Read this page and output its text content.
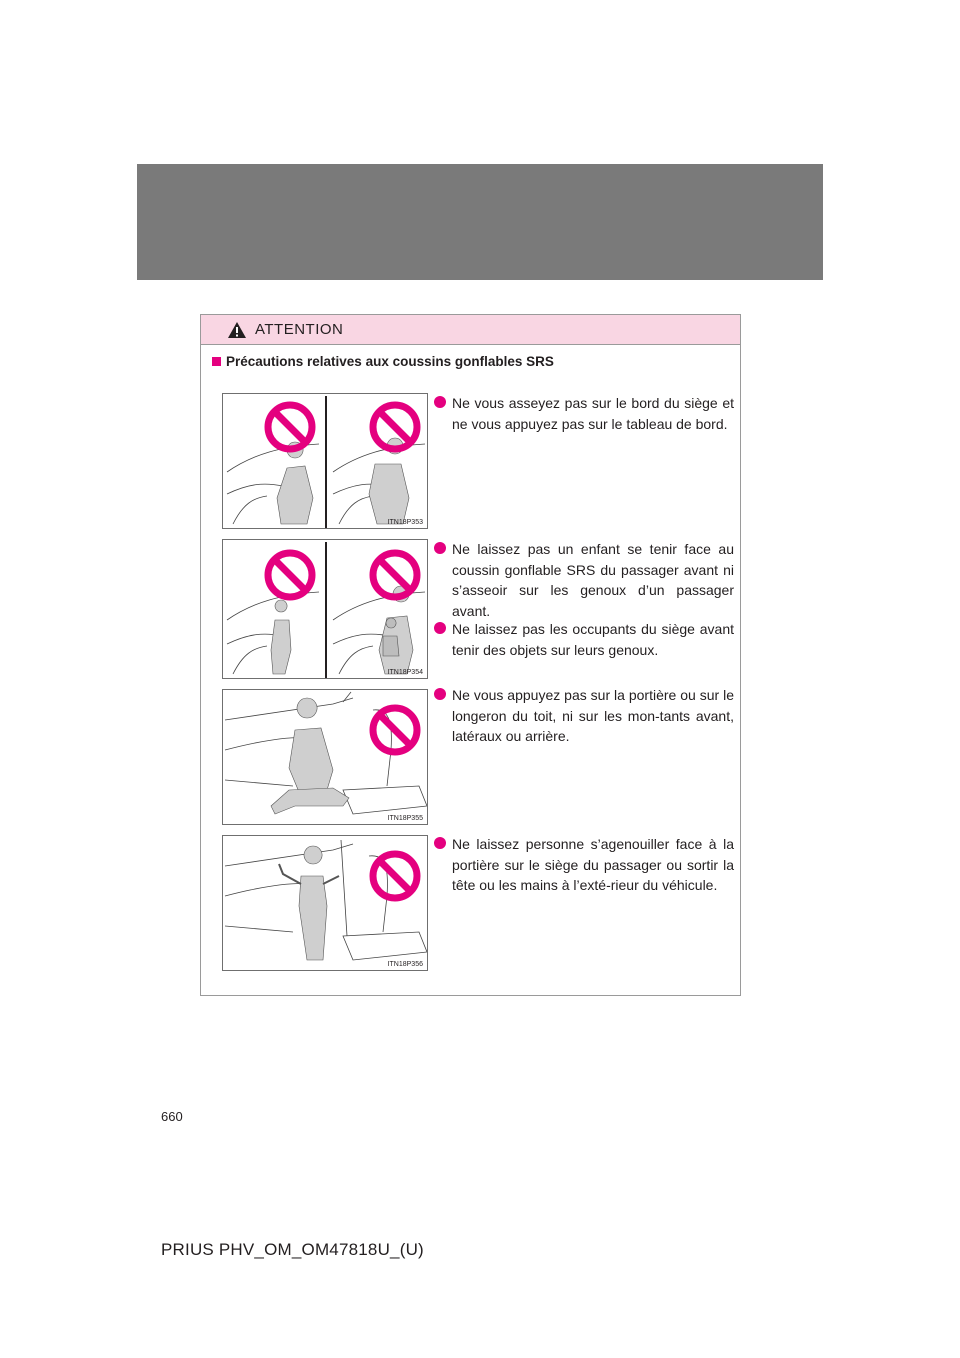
ATTENTION
Précautions relatives aux coussins gonflables SRS
ITN18P353
ITN18P354
ITN18P355
ITN18P356
Ne vous asseyez pas sur le bord du siège et ne vous appuyez pas sur le tableau de bord.
Ne laissez pas un enfant se tenir face au coussin gonflable SRS du passager avant ni s’asseoir sur les genoux d’un passager avant.
Ne laissez pas les occupants du siège avant tenir des objets sur leurs genoux.
Ne vous appuyez pas sur la portière ou sur le longeron du toit, ni sur les mon-tants avant, latéraux ou arrière.
Ne laissez personne s’agenouiller face à la portière sur le siège du passager ou sortir la tête ou les mains à l’exté-rieur du véhicule.
660
PRIUS PHV_OM_OM47818U_(U)
